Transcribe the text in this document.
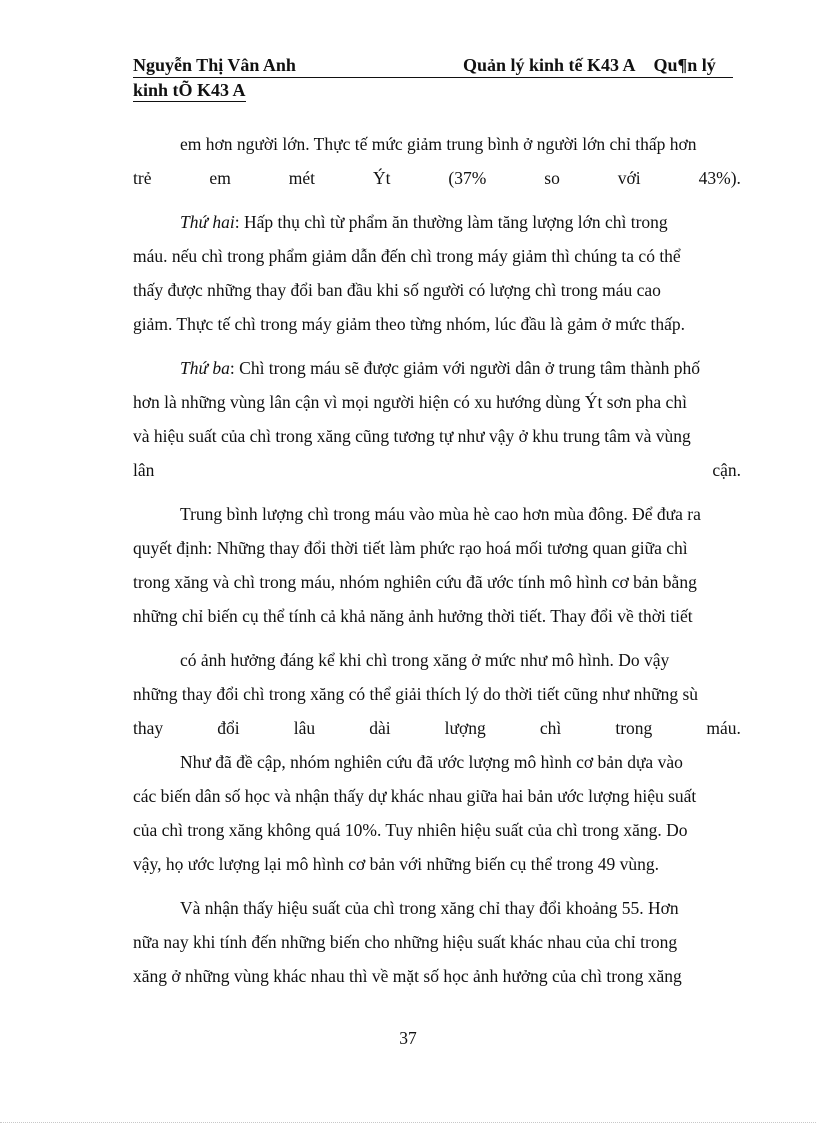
Nguyễn Thị Vân Anh	Quản lý kinh tế K43 A Qu¶n lý
kinh tÕ K43 A
em hơn người lớn. Thực tế mức giảm trung bình ở người lớn chỉ thấp hơn
trẻ	em	mét	Ýt	(37%	so	với	43%).
Thứ hai: Hấp thụ chì từ phẩm ăn thường làm tăng lượng lớn chì trong
máu. nếu chì trong phẩm giảm dẫn đến chì trong máy giảm thì chúng ta có thể
thấy được những thay đổi ban đầu khi số người có lượng chì trong máu cao
giảm. Thực tế chì trong máy giảm theo từng nhóm, lúc đầu là gảm ở mức thấp.
Thứ ba: Chì trong máu sẽ được giảm với người dân ở trung tâm thành phố
hơn là những vùng lân cận vì mọi người hiện có xu hướng dùng Ýt sơn pha chì
và hiệu suất của chì trong xăng cũng tương tự như vậy ở khu trung tâm và vùng
lân	cận.
Trung bình lượng chì trong máu vào mùa hè cao hơn mùa đông. Để đưa ra
quyết định: Những thay đổi thời tiết làm phức rạo hoá mối tương quan giữa chì
trong xăng và chì trong máu, nhóm nghiên cứu đã ước tính mô hình cơ bản bằng
những chỉ biến cụ thể tính cả khả năng ảnh hưởng thời tiết. Thay đổi về thời tiết
có ảnh hưởng đáng kể khi chì trong xăng ở mức như mô hình. Do vậy
những thay đổi chì trong xăng có thể giải thích lý do thời tiết cũng như những sù
thay	đổi	lâu	dài	lượng	chì	trong	máu.
Như đã đề cập, nhóm nghiên cứu đã ước lượng mô hình cơ bản dựa vào
các biến dân số học và nhận thấy dự khác nhau giữa hai bản ước lượng hiệu suất
của chì trong xăng không quá 10%. Tuy nhiên hiệu suất của chì trong xăng. Do
vậy, họ ước lượng lại mô hình cơ bản với những biến cụ thể trong 49 vùng.
Và nhận thấy hiệu suất của chì trong xăng chỉ thay đổi khoảng 55. Hơn
nữa nay khi tính đến những biến cho những hiệu suất khác nhau của chỉ trong
xăng ở những vùng khác nhau thì về mặt số học ảnh hưởng của chì trong xăng
37
